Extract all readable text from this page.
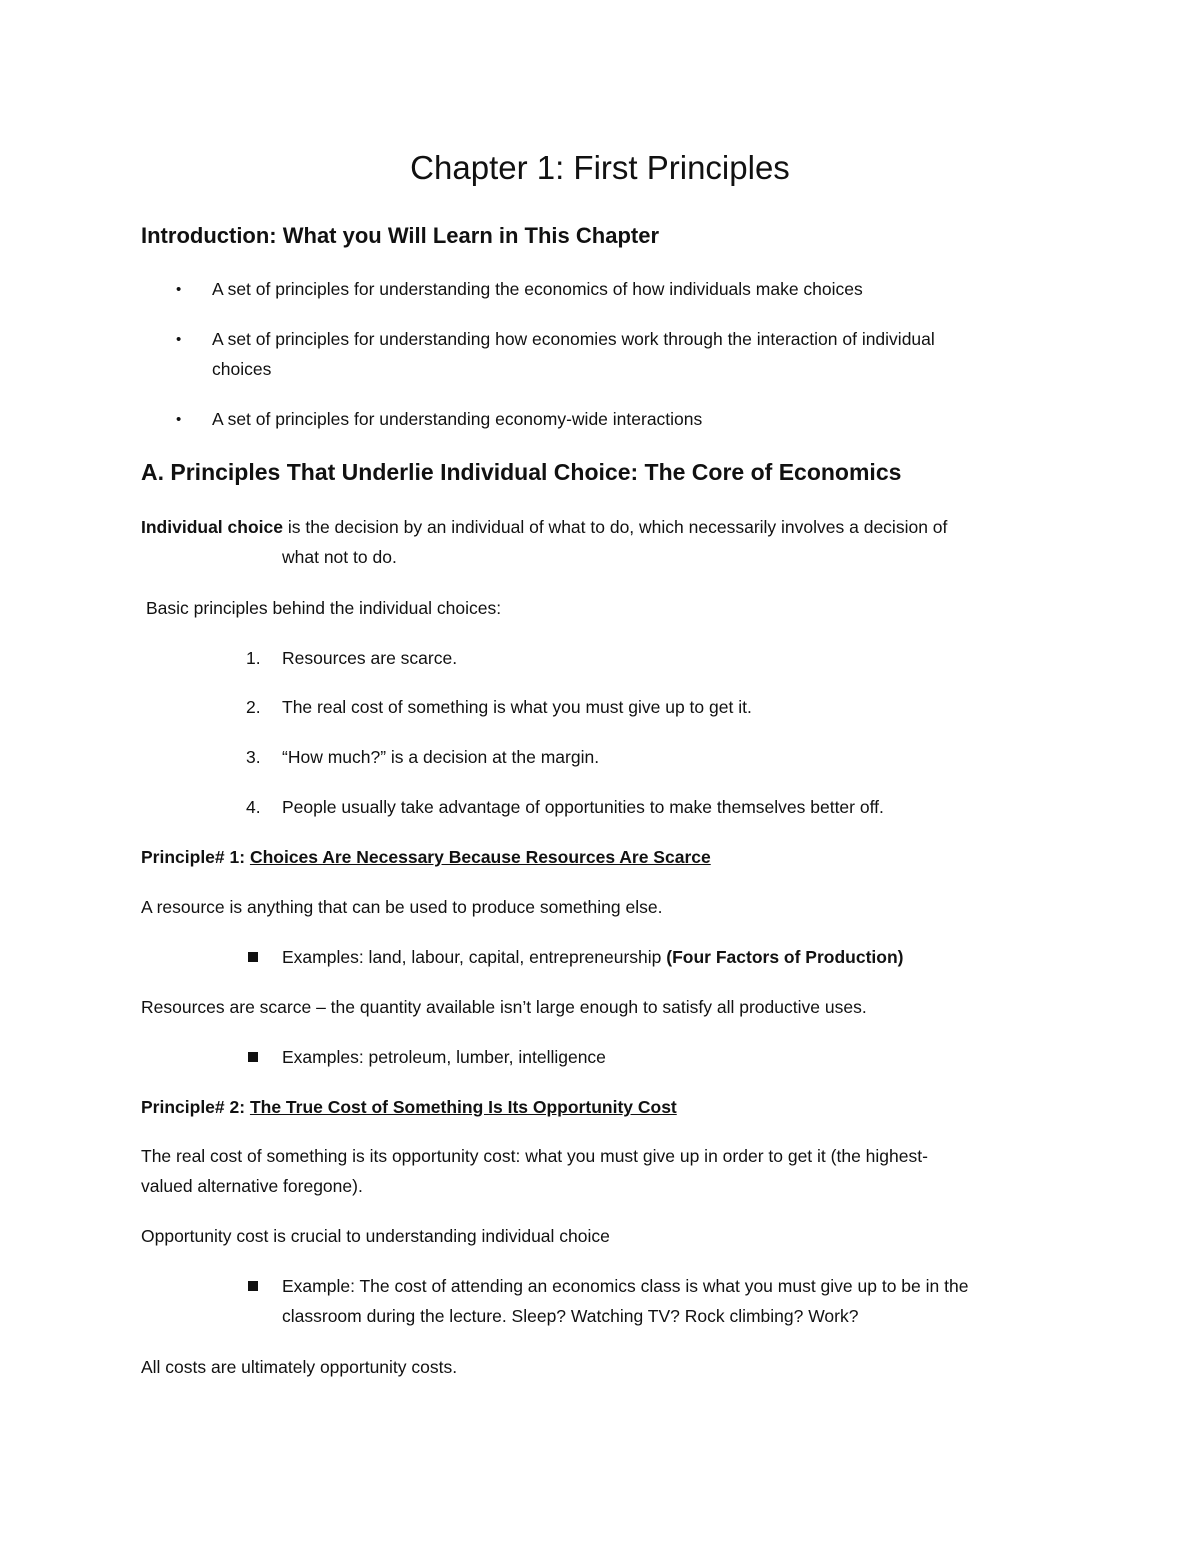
Chapter 1: First Principles
Introduction: What you Will Learn in This Chapter
• A set of principles for understanding the economics of how individuals make choices
• A set of principles for understanding how economies work through the interaction of individual
choices
• A set of principles for understanding economy-wide interactions
A. Principles That Underlie Individual Choice: The Core of Economics
Individual choice is the decision by an individual of what to do, which necessarily involves a decision of
what not to do.
Basic principles behind the individual choices:
1. Resources are scarce.
2. The real cost of something is what you must give up to get it.
3. “How much?” is a decision at the margin.
4. People usually take advantage of opportunities to make themselves better off.
Principle# 1: Choices Are Necessary Because Resources Are Scarce
A resource is anything that can be used to produce something else.
Examples: land, labour, capital, entrepreneurship (Four Factors of Production)
Resources are scarce – the quantity available isn’t large enough to satisfy all productive uses.
Examples: petroleum, lumber, intelligence
Principle# 2: The True Cost of Something Is Its Opportunity Cost
The real cost of something is its opportunity cost: what you must give up in order to get it (the highest-
valued alternative foregone).
Opportunity cost is crucial to understanding individual choice
Example: The cost of attending an economics class is what you must give up to be in the
classroom during the lecture. Sleep? Watching TV? Rock climbing? Work?
All costs are ultimately opportunity costs.
